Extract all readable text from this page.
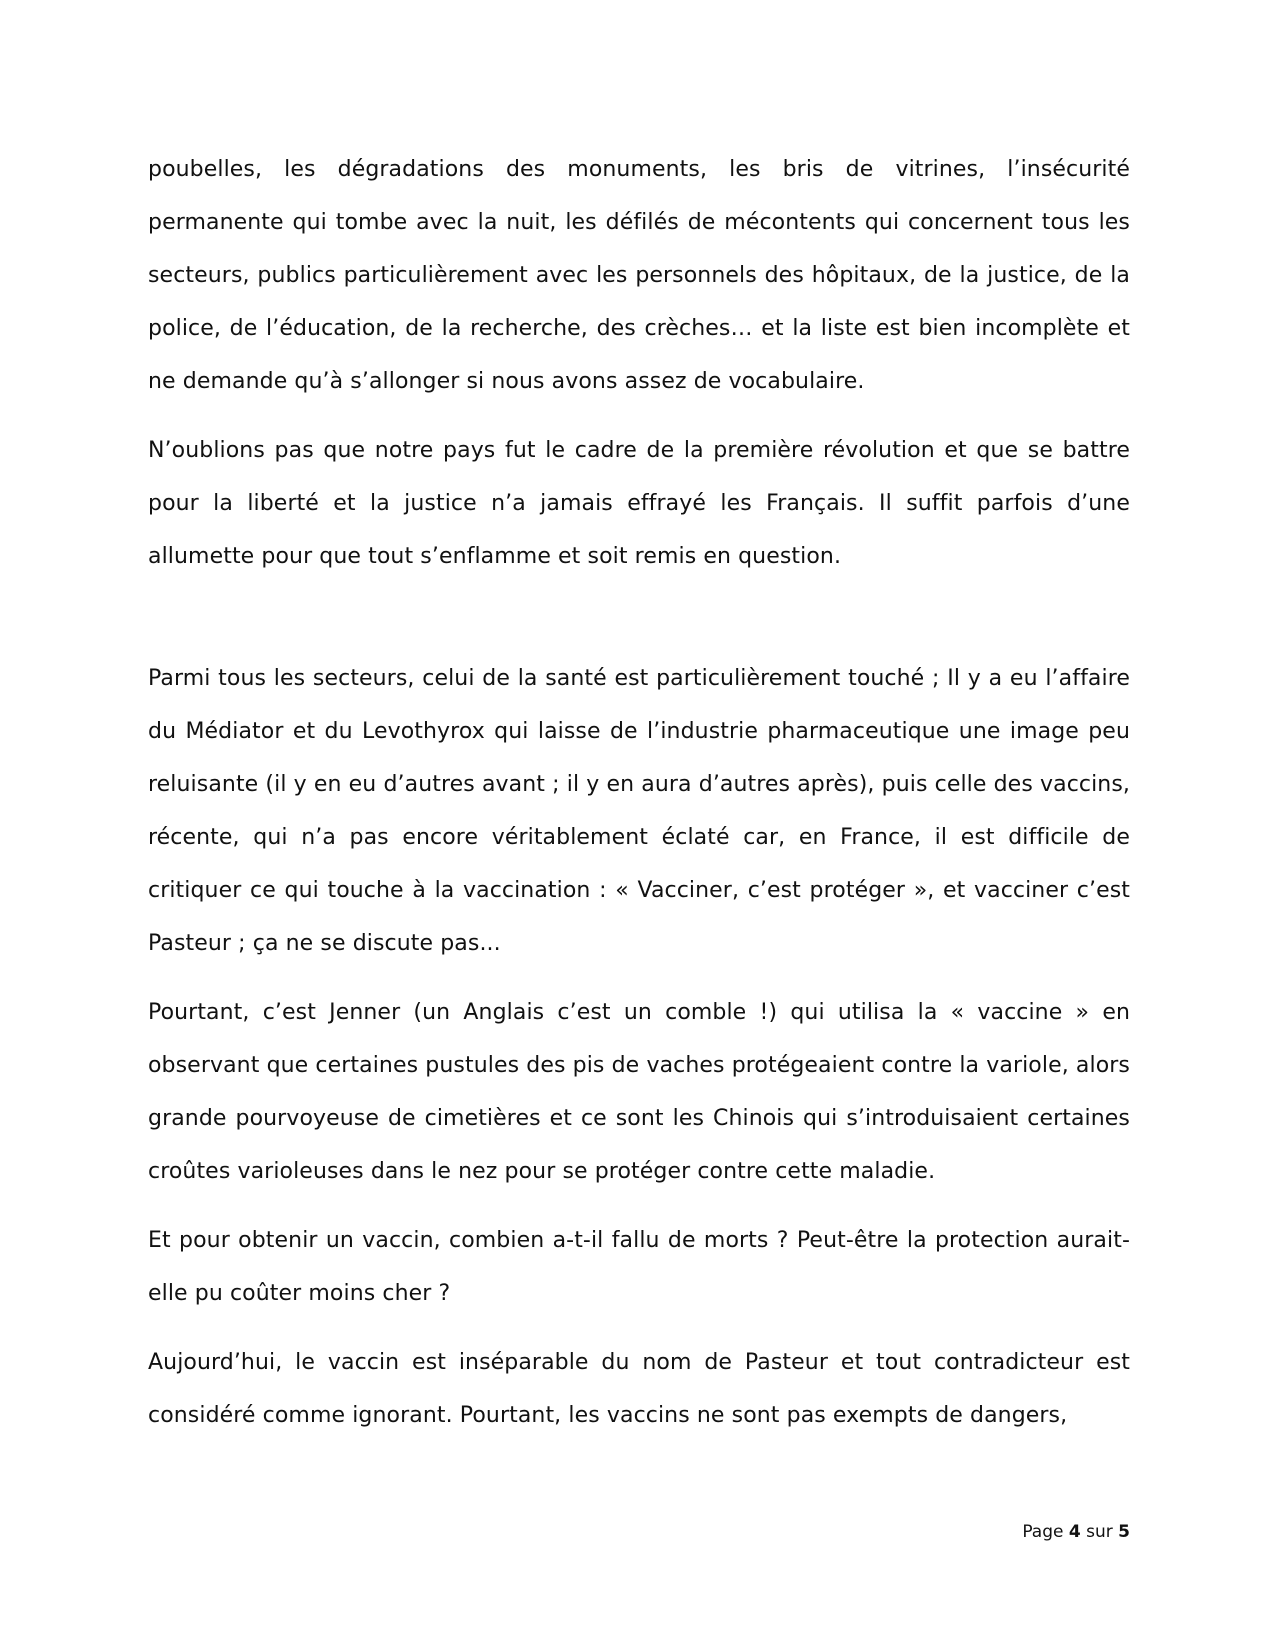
poubelles, les dégradations des monuments, les bris de vitrines, l’insécurité permanente qui tombe avec la nuit, les défilés de mécontents qui concernent tous les secteurs, publics particulièrement avec les personnels des hôpitaux, de la justice, de la police, de l’éducation, de la recherche, des crèches… et la liste est bien incomplète et ne demande qu’à s’allonger si nous avons assez de vocabulaire.

N’oublions pas que notre pays fut le cadre de la première révolution et que se battre pour la liberté et la justice n’a jamais effrayé les Français. Il suffit parfois d’une allumette pour que tout s’enflamme et soit remis en question.

Parmi tous les secteurs, celui de la santé est particulièrement touché ; Il y a eu l’affaire du Médiator et du Levothyrox qui laisse de l’industrie pharmaceutique une image peu reluisante (il y en eu d’autres avant ; il y en aura d’autres après), puis celle des vaccins, récente, qui n’a pas encore véritablement éclaté car, en France, il est difficile de critiquer ce qui touche à la vaccination : « Vacciner, c’est protéger », et vacciner c’est Pasteur ; ça ne se discute pas...

Pourtant, c’est Jenner (un Anglais c’est un comble !) qui utilisa la « vaccine » en observant que certaines pustules des pis de vaches protégeaient contre la variole, alors grande pourvoyeuse de cimetières et ce sont les Chinois qui s’introduisaient certaines croûtes varioleuses dans le nez pour se protéger contre cette maladie.

Et pour obtenir un vaccin, combien a-t-il fallu de morts ? Peut-être la protection aurait-elle pu coûter moins cher ?

Aujourd’hui, le vaccin est inséparable du nom de Pasteur et tout contradicteur est considéré comme ignorant. Pourtant, les vaccins ne sont pas exempts de dangers,

Page 4 sur 5
